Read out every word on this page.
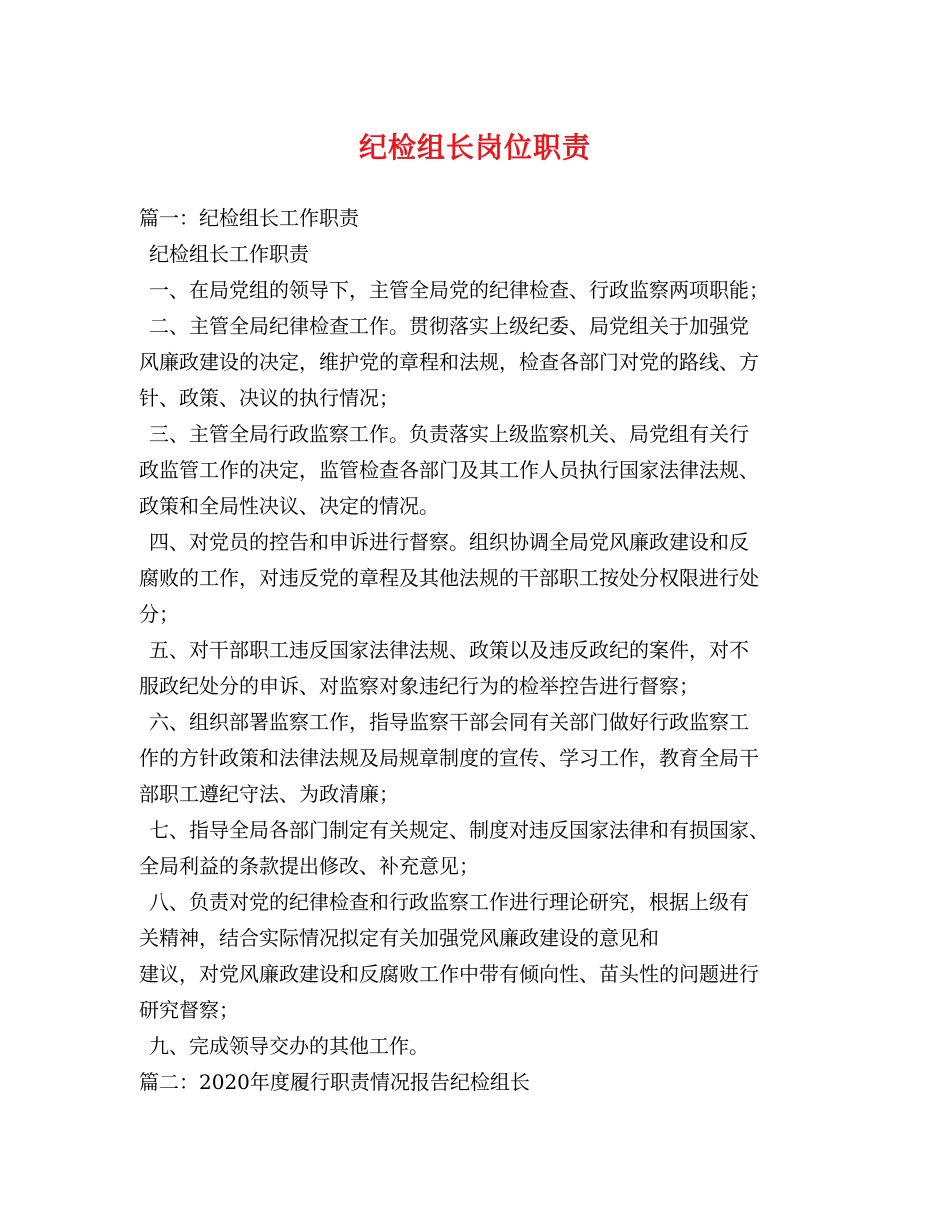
纪检组长岗位职责
篇一：纪检组长工作职责
纪检组长工作职责
一、在局党组的领导下，主管全局党的纪律检查、行政监察两项职能；
二、主管全局纪律检查工作。贯彻落实上级纪委、局党组关于加强党
风廉政建设的决定，维护党的章程和法规，检查各部门对党的路线、方
针、政策、决议的执行情况；
三、主管全局行政监察工作。负责落实上级监察机关、局党组有关行
政监管工作的决定，监管检查各部门及其工作人员执行国家法律法规、
政策和全局性决议、决定的情况。
四、对党员的控告和申诉进行督察。组织协调全局党风廉政建设和反
腐败的工作，对违反党的章程及其他法规的干部职工按处分权限进行处
分；
五、对干部职工违反国家法律法规、政策以及违反政纪的案件，对不
服政纪处分的申诉、对监察对象违纪行为的检举控告进行督察；
六、组织部署监察工作，指导监察干部会同有关部门做好行政监察工
作的方针政策和法律法规及局规章制度的宣传、学习工作，教育全局干
部职工遵纪守法、为政清廉；
七、指导全局各部门制定有关规定、制度对违反国家法律和有损国家、
全局利益的条款提出修改、补充意见；
八、负责对党的纪律检查和行政监察工作进行理论研究，根据上级有
关精神，结合实际情况拟定有关加强党风廉政建设的意见和
建议，对党风廉政建设和反腐败工作中带有倾向性、苗头性的问题进行
研究督察；
九、完成领导交办的其他工作。
篇二：2020年度履行职责情况报告纪检组长
